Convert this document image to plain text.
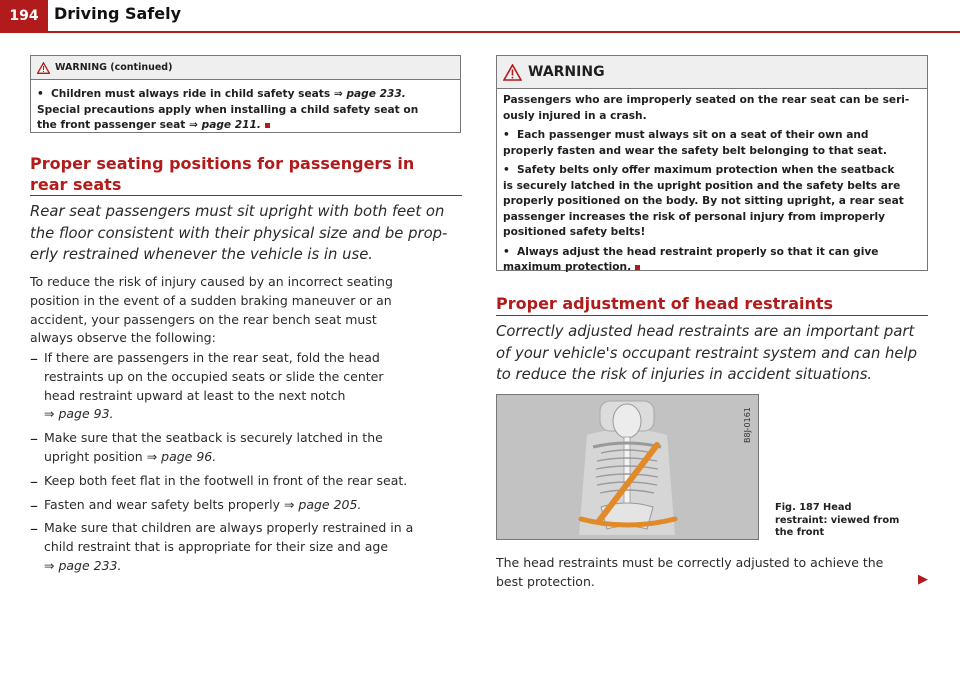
194 Driving Safely
WARNING (continued)

• Children must always ride in child safety seats ⇒ page 233.

Special precautions apply when installing a child safety seat on

the front passenger seat ⇒ page 211.

Proper seating positions for passengers in
rear seats

Rear seat passengers must sit upright with both feet on

the floor consistent with their physical size and be prop-

erly restrained whenever the vehicle is in use.

To reduce the risk of injury caused by an incorrect seating

position in the event of a sudden braking maneuver or an

accident, your passengers on the rear bench seat must

always observe the following:

– If there are passengers in the rear seat, fold the head

restraints up on the occupied seats or slide the center

head restraint upward at least to the next notch

⇒ page 93.

– Make sure that the seatback is securely latched in the

upright position ⇒ page 96.

– Keep both feet flat in the footwell in front of the rear seat.

– Fasten and wear safety belts properly ⇒ page 205.

– Make sure that children are always properly restrained in a

child restraint that is appropriate for their size and age

⇒ page 233.

WARNING

Passengers who are improperly seated on the rear seat can be seri-

ously injured in a crash.

• Each passenger must always sit on a seat of their own and

properly fasten and wear the safety belt belonging to that seat.

• Safety belts only offer maximum protection when the seatback

is securely latched in the upright position and the safety belts are

properly positioned on the body. By not sitting upright, a rear seat

passenger increases the risk of personal injury from improperly

positioned safety belts!

• Always adjust the head restraint properly so that it can give

maximum protection.

Proper adjustment of head restraints

Correctly adjusted head restraints are an important part

of your vehicle's occupant restraint system and can help

to reduce the risk of injuries in accident situations.

B8J-0161
Fig. 187 Head
restraint: viewed from
the front

The head restraints must be correctly adjusted to achieve the

best protection.	▶
